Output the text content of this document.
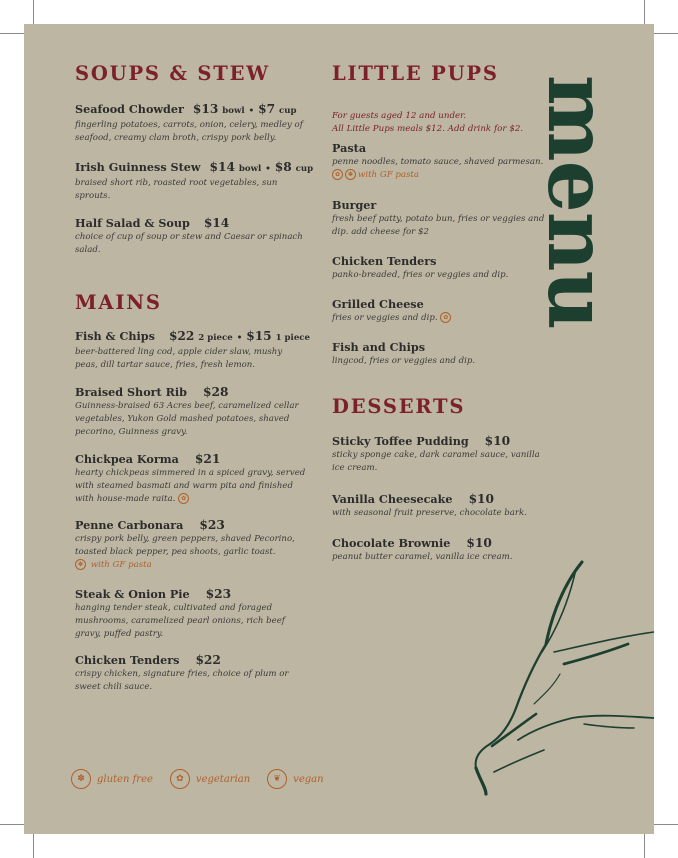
SOUPS & STEW
Seafood Chowder $13 bowl • $7 cup
fingerling potatoes, carrots, onion, celery, medley of seafood, creamy clam broth, crispy pork belly.
Irish Guinness Stew $14 bowl • $8 cup
braised short rib, roasted root vegetables, sun sprouts.
Half Salad & Soup $14
choice of cup of soup or stew and Caesar or spinach salad.
MAINS
Fish & Chips $22 2 piece • $15 1 piece
beer-battered ling cod, apple cider slaw, mushy peas, dill tartar sauce, fries, fresh lemon.
Braised Short Rib $28
Guinness-braised 63 Acres beef, caramelized cellar vegetables, Yukon Gold mashed potatoes, shaved pecorino, Guinness gravy.
Chickpea Korma $21
hearty chickpeas simmered in a spiced gravy, served with steamed basmati and warm pita and finished with house-made raita. ✿
Penne Carbonara $23
crispy pork belly, green peppers, shaved Pecorino, toasted black pepper, pea shoots, garlic toast.
✽ with GF pasta
Steak & Onion Pie $23
hanging tender steak, cultivated and foraged mushrooms, caramelized pearl onions, rich beef gravy, puffed pastry.
Chicken Tenders $22
crispy chicken, signature fries, choice of plum or sweet chili sauce.
LITTLE PUPS
For guests aged 12 and under.
All Little Pups meals $12. Add drink for $2.
Pasta
penne noodles, tomato sauce, shaved parmesan. ✿ ✽ with GF pasta
Burger
fresh beef patty, potato bun, fries or veggies and dip. add cheese for $2
Chicken Tenders
panko-breaded, fries or veggies and dip.
Grilled Cheese
fries or veggies and dip. ✿
Fish and Chips
lingcod, fries or veggies and dip.
DESSERTS
Sticky Toffee Pudding $10
sticky sponge cake, dark caramel sauce, vanilla ice cream.
Vanilla Cheesecake $10
with seasonal fruit preserve, chocolate bark.
Chocolate Brownie $10
peanut butter caramel, vanilla ice cream.
menu
✽	gluten free	✿	vegetarian	❦	vegan
